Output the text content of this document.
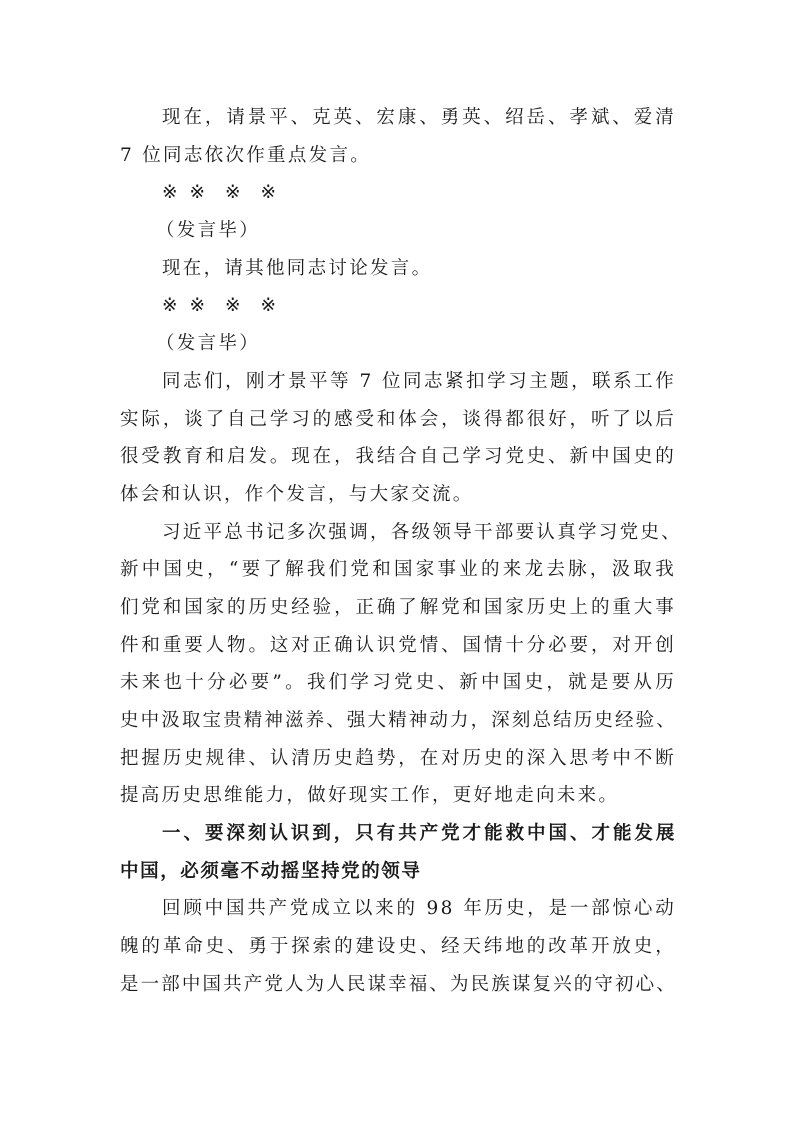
现在，请景平、克英、宏康、勇英、绍岳、孝斌、爱清
7 位同志依次作重点发言。
※ ※ ※ ※
（发言毕）
现在，请其他同志讨论发言。
※ ※ ※ ※
（发言毕）
同志们，刚才景平等 7 位同志紧扣学习主题，联系工作
实际，谈了自己学习的感受和体会，谈得都很好，听了以后
很受教育和启发。现在，我结合自己学习党史、新中国史的
体会和认识，作个发言，与大家交流。
习近平总书记多次强调，各级领导干部要认真学习党史、
新中国史，“要了解我们党和国家事业的来龙去脉，汲取我
们党和国家的历史经验，正确了解党和国家历史上的重大事
件和重要人物。这对正确认识党情、国情十分必要，对开创
未来也十分必要”。我们学习党史、新中国史，就是要从历
史中汲取宝贵精神滋养、强大精神动力，深刻总结历史经验、
把握历史规律、认清历史趋势，在对历史的深入思考中不断
提高历史思维能力，做好现实工作，更好地走向未来。
一、要深刻认识到，只有共产党才能救中国、才能发展
中国，必须毫不动摇坚持党的领导
回顾中国共产党成立以来的 98 年历史，是一部惊心动
魄的革命史、勇于探索的建设史、经天纬地的改革开放史，
是一部中国共产党人为人民谋幸福、为民族谋复兴的守初心、
